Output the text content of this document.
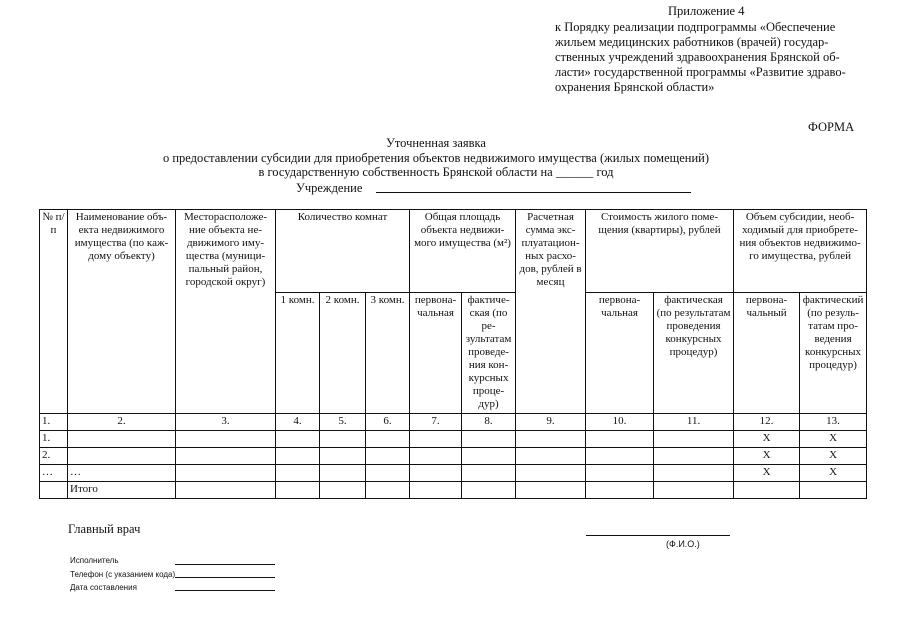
Приложение 4
к Порядку реализации подпрограммы «Обеспечение
жильем медицинских работников (врачей) государ-
ственных учреждений здравоохранения Брянской об-
ласти» государственной программы «Развитие здраво-
охранения Брянской области»
ФОРМА
Уточненная заявка
о предоставлении субсидии для приобретения объектов недвижимого имущества (жилых помещений)
в государственную собственность Брянской области на ______ год
Учреждение
№ п/п	Наименование объ-екта недвижимого имущества (по каж-дому объекту)	Месторасположе-ние объекта не-движимого иму-щества (муници-пальный район, городской округ)	Количество комнат			Общая площадь объекта недвижи-мого имущества (м²)		Расчетная сумма экс-плуатацион-ных расхо-дов, рублей в месяц	Стоимость жилого поме-щения (квартиры), рублей		Объем субсидии, необ-ходимый для приобрете-ния объектов недвижимо-го имущества, рублей	
			1 комн.	2 комн.	3 комн.	первона-чальная	фактиче-ская (по ре-зультатам проведе-ния кон-курсных проце-дур)		первона-чальная	фактическая (по результатам проведения конкурсных процедур)	первона-чальный	фактический (по резуль-татам про-ведения конкурсных процедур)
1.	2.	3.	4.	5.	6.	7.	8.	9.	10.	11.	12.	13.
1.											X	X
2.											X	X
…	…										X	X
	Итого											
Главный врач
(Ф.И.О.)
Исполнитель
Телефон (с указанием кода)
Дата составления
